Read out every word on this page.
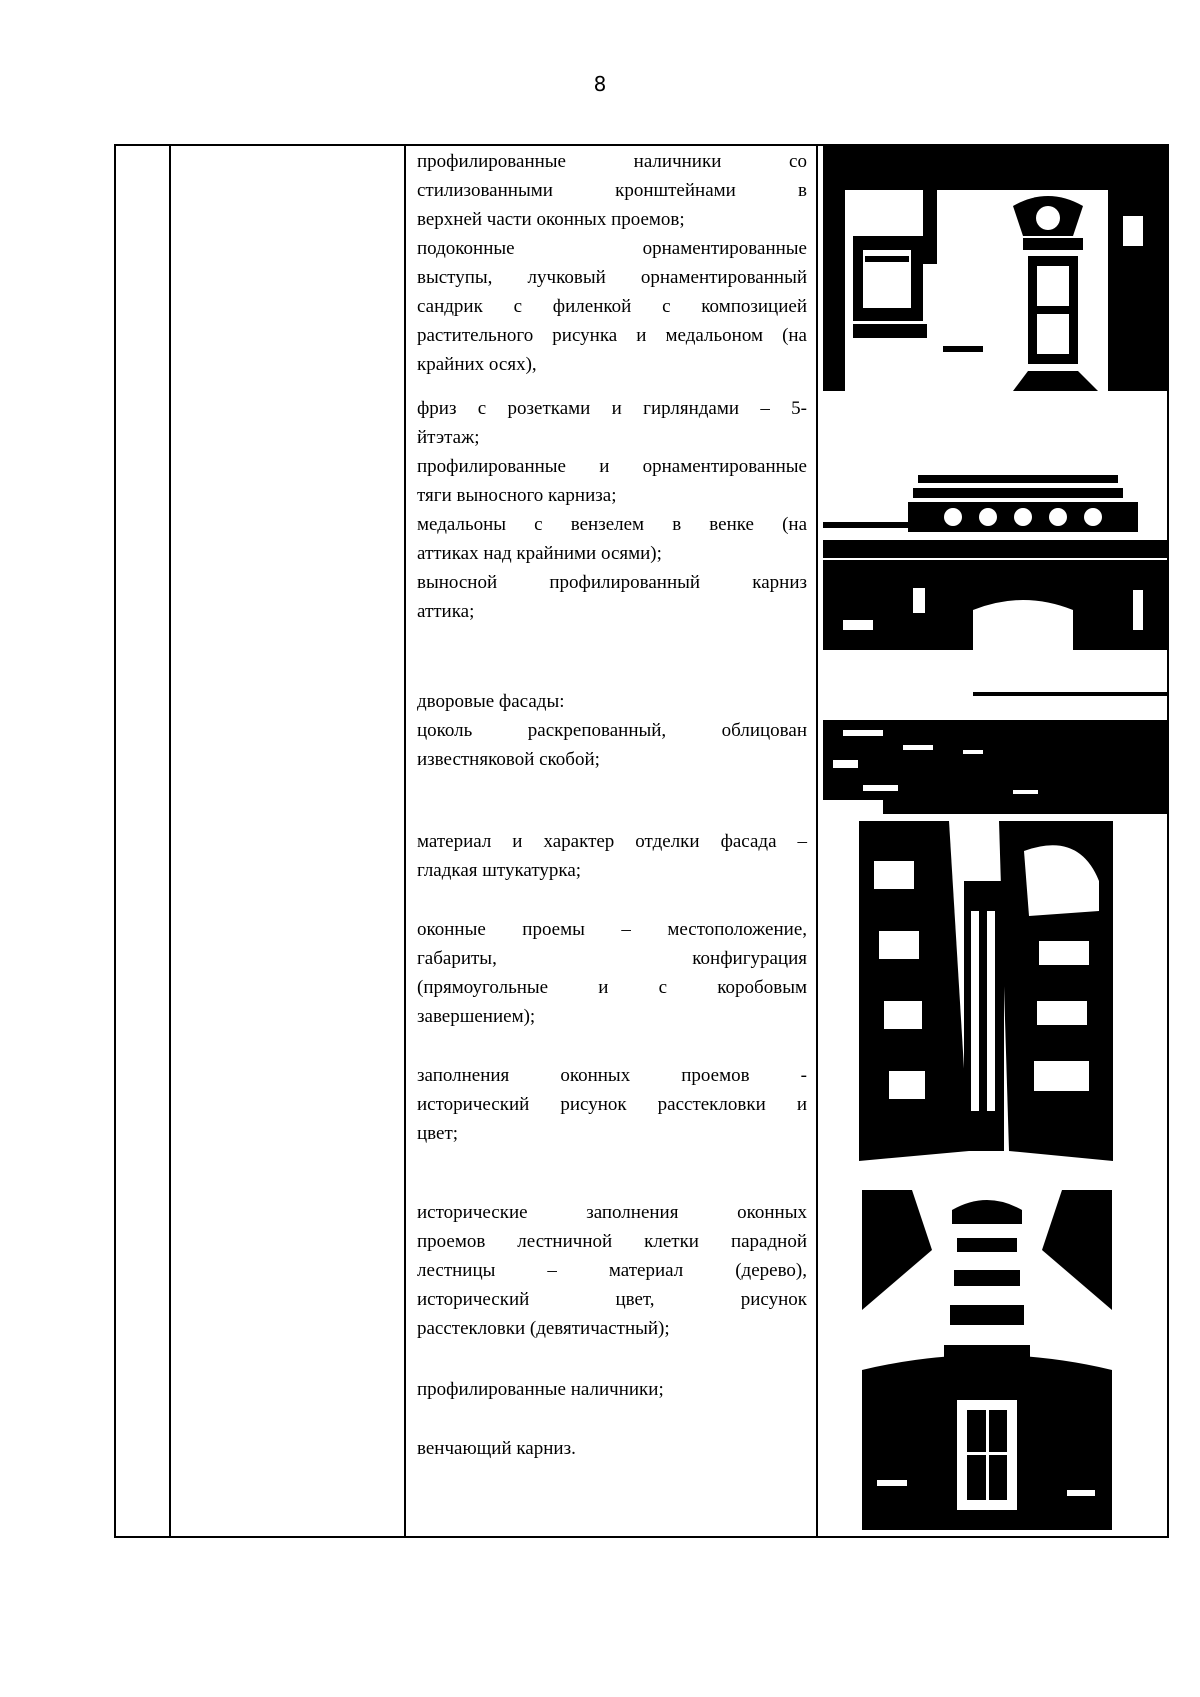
8

профилированные наличники со

стилизованными кронштейнами в

верхней части оконных проемов;

подоконные орнаментированные

выступы, лучковый орнаментированный

сандрик с филенкой с композицией

растительного рисунка и медальоном (на

крайних осях),

фриз с розетками и гирляндами – 5-

йтэтаж;

профилированные и орнаментированные

тяги выносного карниза;

медальоны с вензелем в венке (на

аттиках над крайними осями);

выносной профилированный карниз

аттика;

дворовые фасады:

цоколь раскрепованный, облицован

известняковой скобой;

материал и характер отделки фасада –

гладкая штукатурка;

оконные проемы – местоположение,

габариты, конфигурация

(прямоугольные и с коробовым

завершением);

заполнения оконных проемов -

исторический рисунок расстекловки и

цвет;

исторические заполнения оконных

проемов лестничной клетки парадной

лестницы – материал (дерево),

исторический цвет, рисунок

расстекловки (девятичастный);

профилированные наличники;

венчающий карниз.
